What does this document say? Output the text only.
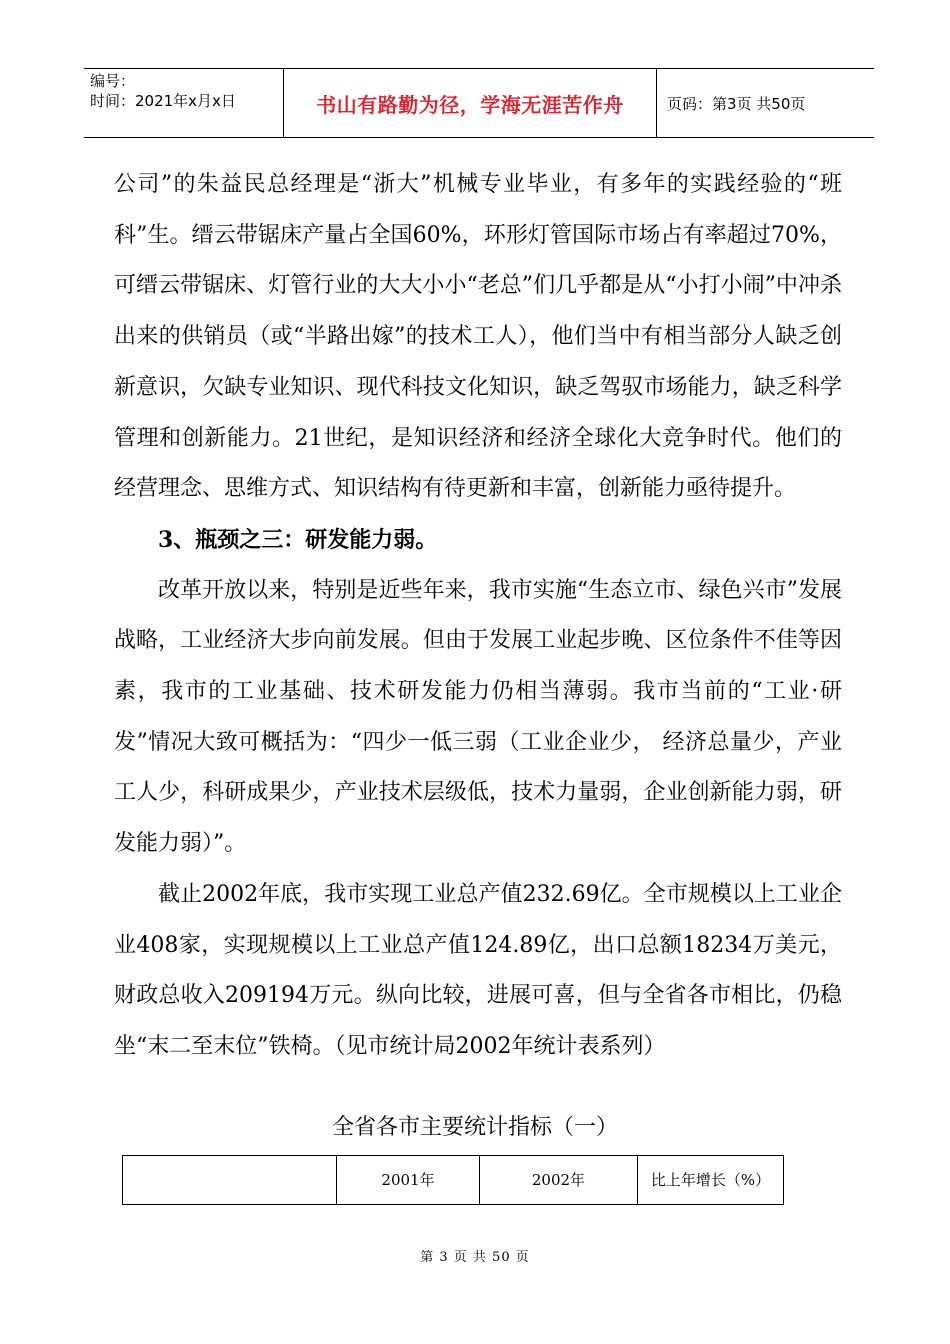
编号：
时间：2021年x月x日	书山有路勤为径，学海无涯苦作舟	页码：第3页 共50页

公司”的朱益民总经理是“浙大”机械专业毕业，有多年的实践经验的“班科”生。缙云带锯床产量占全国60%，环形灯管国际市场占有率超过70%，可缙云带锯床、灯管行业的大大小小“老总”们几乎都是从“小打小闹”中冲杀出来的供销员（或“半路出嫁”的技术工人），他们当中有相当部分人缺乏创新意识，欠缺专业知识、现代科技文化知识，缺乏驾驭市场能力，缺乏科学管理和创新能力。21世纪，是知识经济和经济全球化大竞争时代。他们的经营理念、思维方式、知识结构有待更新和丰富，创新能力亟待提升。

3、瓶颈之三：研发能力弱。

改革开放以来，特别是近些年来，我市实施“生态立市、绿色兴市”发展战略，工业经济大步向前发展。但由于发展工业起步晚、区位条件不佳等因素，我市的工业基础、技术研发能力仍相当薄弱。我市当前的“工业·研发”情况大致可概括为：“四少一低三弱（工业企业少， 经济总量少，产业工人少，科研成果少，产业技术层级低，技术力量弱，企业创新能力弱，研发能力弱）”。

截止2002年底，我市实现工业总产值232.69亿。全市规模以上工业企业408家，实现规模以上工业总产值124.89亿，出口总额18234万美元，财政总收入209194万元。纵向比较，进展可喜，但与全省各市相比，仍稳坐“末二至末位”铁椅。（见市统计局2002年统计表系列）

全省各市主要统计指标（一）
	2001年	2002年	比上年增长（%）
第 3 页 共 50 页
